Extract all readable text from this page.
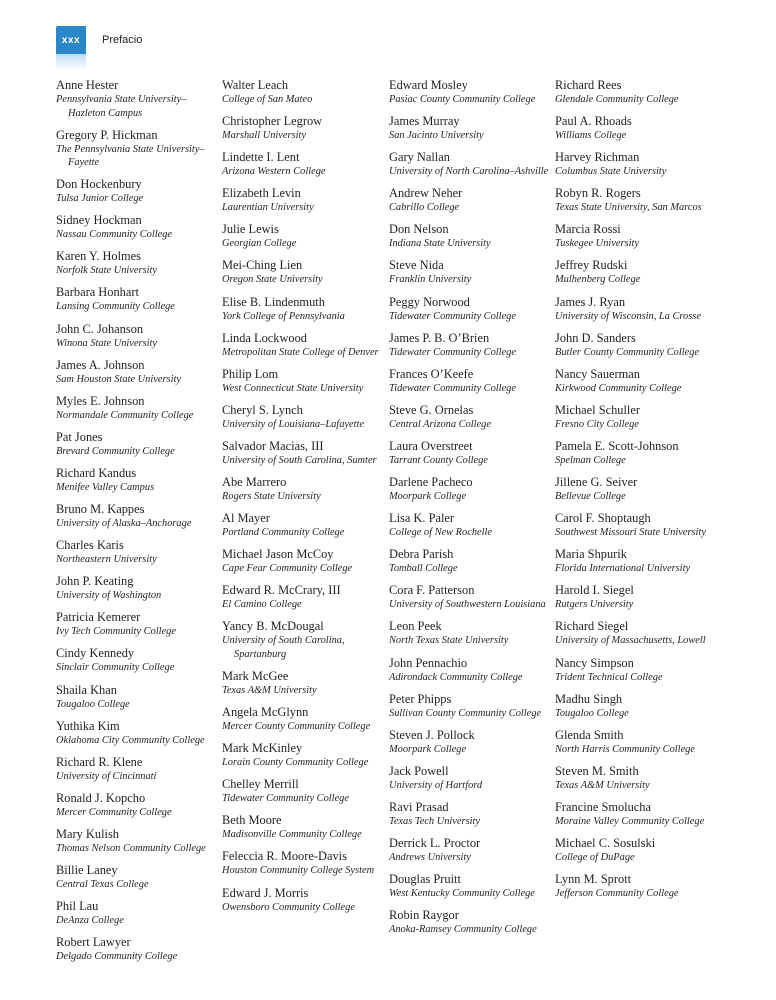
xxx	Prefacio
Anne Hester
Pennsylvania State University–Hazleton Campus
Gregory P. Hickman
The Pennsylvania State University–Fayette
Don Hockenbury
Tulsa Junior College
Sidney Hockman
Nassau Community College
Karen Y. Holmes
Norfolk State University
Barbara Honhart
Lansing Community College
John C. Johanson
Winona State University
James A. Johnson
Sam Houston State University
Myles E. Johnson
Normandale Community College
Pat Jones
Brevard Community College
Richard Kandus
Menifee Valley Campus
Bruno M. Kappes
University of Alaska–Anchorage
Charles Karis
Northeastern University
John P. Keating
University of Washington
Patricia Kemerer
Ivy Tech Community College
Cindy Kennedy
Sinclair Community College
Shaila Khan
Tougaloo College
Yuthika Kim
Oklahoma City Community College
Richard R. Klene
University of Cincinnati
Ronald J. Kopcho
Mercer Community College
Mary Kulish
Thomas Nelson Community College
Billie Laney
Central Texas College
Phil Lau
DeAnza College
Robert Lawyer
Delgado Community College
Walter Leach
College of San Mateo
Christopher Legrow
Marshall University
Lindette I. Lent
Arizona Western College
Elizabeth Levin
Laurentian University
Julie Lewis
Georgian College
Mei-Ching Lien
Oregon State University
Elise B. Lindenmuth
York College of Pennsylvania
Linda Lockwood
Metropolitan State College of Denver
Philip Lom
West Connecticut State University
Cheryl S. Lynch
University of Louisiana–Lafayette
Salvador Macias, III
University of South Carolina, Sumter
Abe Marrero
Rogers State University
Al Mayer
Portland Community College
Michael Jason McCoy
Cape Fear Community College
Edward R. McCrary, III
El Camino College
Yancy B. McDougal
University of South Carolina, Spartanburg
Mark McGee
Texas A&M University
Angela McGlynn
Mercer County Community College
Mark McKinley
Lorain County Community College
Chelley Merrill
Tidewater Community College
Beth Moore
Madisonville Community College
Feleccia R. Moore-Davis
Houston Community College System
Edward J. Morris
Owensboro Community College
Edward Mosley
Pasiac County Community College
James Murray
San Jacinto University
Gary Nallan
University of North Carolina–Ashville
Andrew Neher
Cabrillo College
Don Nelson
Indiana State University
Steve Nida
Franklin University
Peggy Norwood
Tidewater Community College
James P. B. O’Brien
Tidewater Community College
Frances O’Keefe
Tidewater Community College
Steve G. Ornelas
Central Arizona College
Laura Overstreet
Tarrant County College
Darlene Pacheco
Moorpark College
Lisa K. Paler
College of New Rochelle
Debra Parish
Tomball College
Cora F. Patterson
University of Southwestern Louisiana
Leon Peek
North Texas State University
John Pennachio
Adirondack Community College
Peter Phipps
Sullivan County Community College
Steven J. Pollock
Moorpark College
Jack Powell
University of Hartford
Ravi Prasad
Texas Tech University
Derrick L. Proctor
Andrews University
Douglas Pruitt
West Kentucky Community College
Robin Raygor
Anoka-Ramsey Community College
Richard Rees
Glendale Community College
Paul A. Rhoads
Williams College
Harvey Richman
Columbus State University
Robyn R. Rogers
Texas State University, San Marcos
Marcia Rossi
Tuskegee University
Jeffrey Rudski
Mulhenberg College
James J. Ryan
University of Wisconsin, La Crosse
John D. Sanders
Butler County Community College
Nancy Sauerman
Kirkwood Community College
Michael Schuller
Fresno City College
Pamela E. Scott-Johnson
Spelman College
Jillene G. Seiver
Bellevue College
Carol F. Shoptaugh
Southwest Missouri State University
Maria Shpurik
Florida International University
Harold I. Siegel
Rutgers University
Richard Siegel
University of Massachusetts, Lowell
Nancy Simpson
Trident Technical College
Madhu Singh
Tougaloo College
Glenda Smith
North Harris Community College
Steven M. Smith
Texas A&M University
Francine Smolucha
Moraine Valley Community College
Michael C. Sosulski
College of DuPage
Lynn M. Sprott
Jefferson Community College
